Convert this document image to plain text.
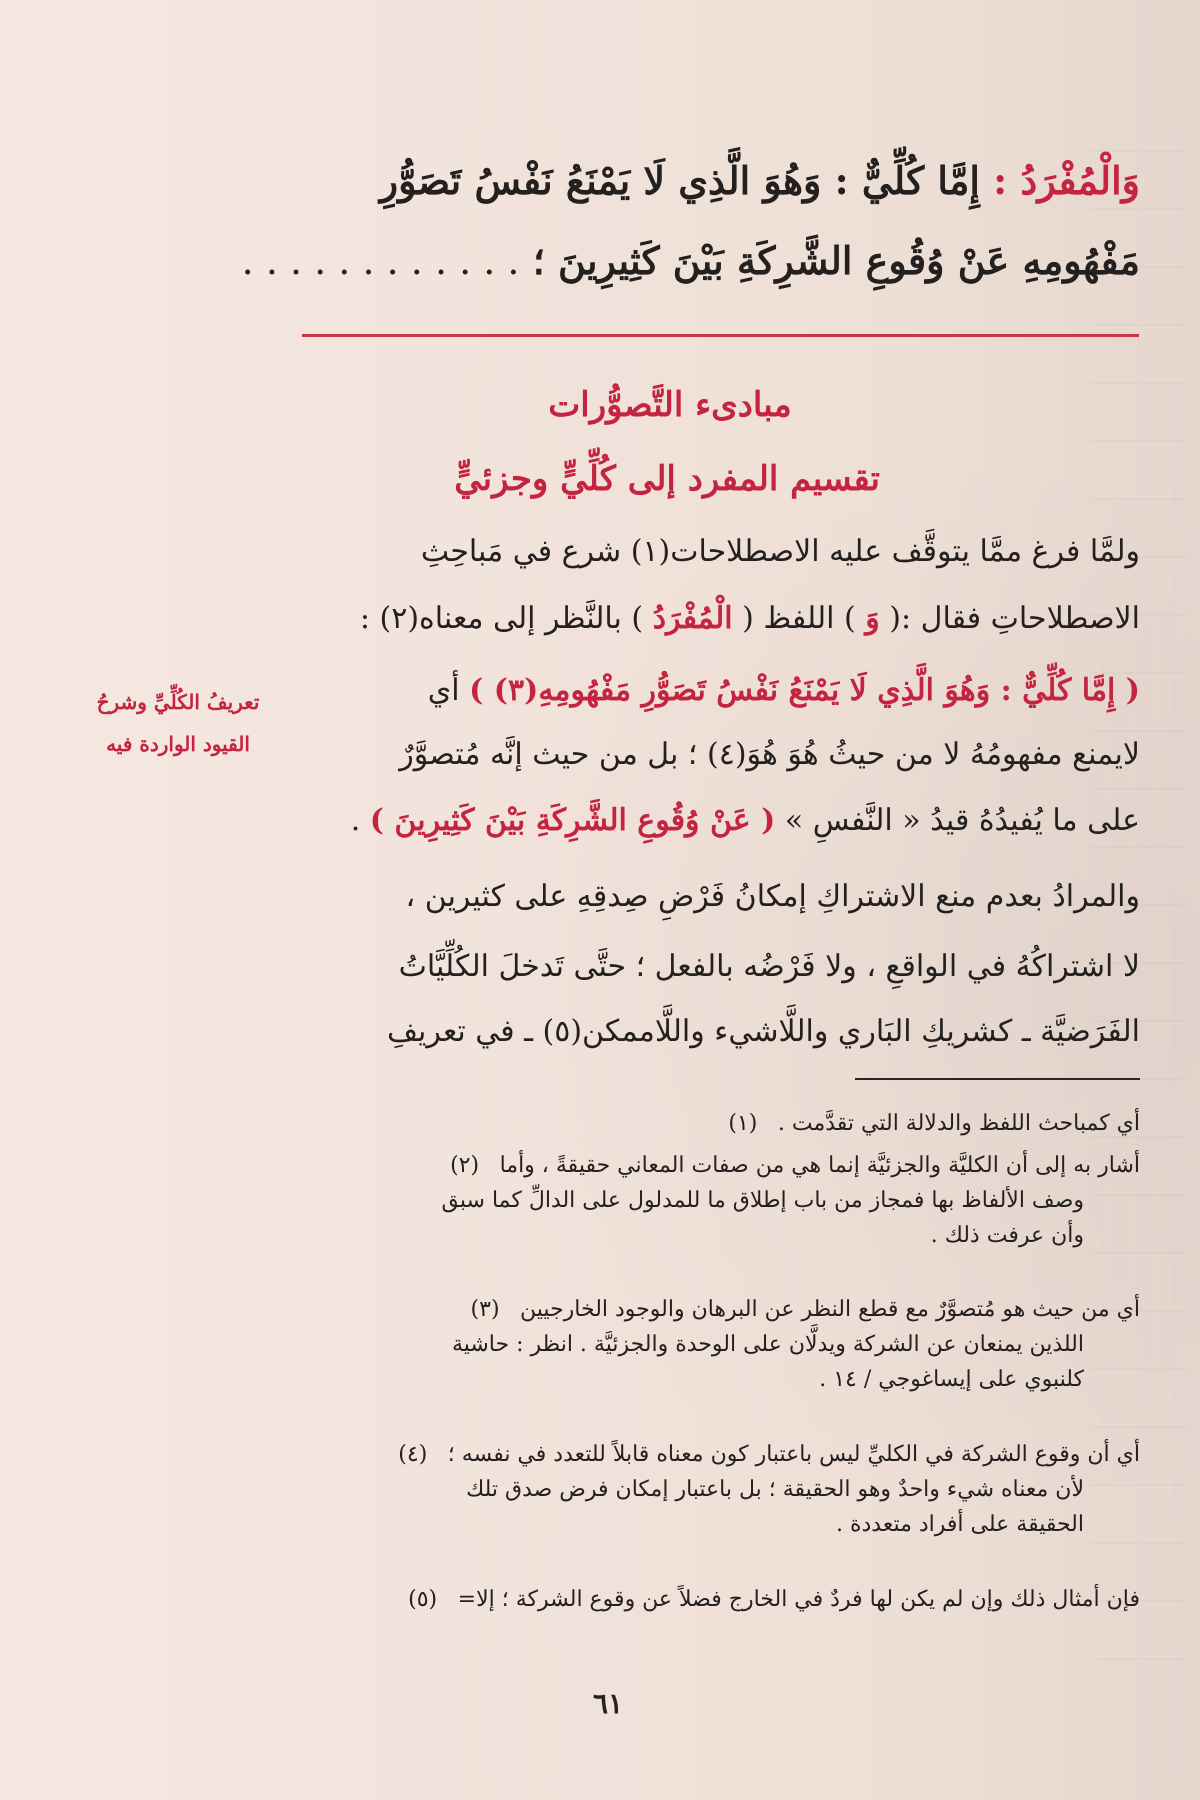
وَالْمُفْرَدُ : إِمَّا كُلِّيٌّ : وَهُوَ الَّذِي لَا يَمْنَعُ نَفْسُ تَصَوُّرِ
مَفْهُومِهِ عَنْ وُقُوعِ الشَّرِكَةِ بَيْنَ كَثِيرِينَ ؛ . . . . . . . . . . . .
مبادىء التَّصوُّرات
تقسيم المفرد إلى كُلِّيٍّ وجزئيٍّ
ولمَّا فرغ ممَّا يتوقَّف عليه الاصطلاحات(١) شرع في مَباحِثِ
الاصطلاحاتِ فقال :( وَ ) اللفظ ( الْمُفْرَدُ ) بالنَّظر إلى معناه(٢) :
( إِمَّا كُلِّيٌّ : وَهُوَ الَّذِي لَا يَمْنَعُ نَفْسُ تَصَوُّرِ مَفْهُومِهِ(٣) ) أي
لايمنع مفهومُهُ لا من حيثُ هُوَ هُوَ(٤) ؛ بل من حيث إنَّه مُتصوَّرٌ
على ما يُفيدُهُ قيدُ « النَّفسِ » ( عَنْ وُقُوعِ الشَّرِكَةِ بَيْنَ كَثِيرِينَ ) .
والمرادُ بعدم منع الاشتراكِ إمكانُ فَرْضِ صِدقِهِ على كثيرين ،
لا اشتراكُهُ في الواقعِ ، ولا فَرْضُه بالفعل ؛ حتَّى تَدخلَ الكُلِّيَّاتُ
الفَرَضيَّة ـ كشريكِ البَاري واللَّاشيء واللَّاممكن(٥) ـ في تعريفِ
تعريفُ الكُلِّيِّ وشرحُ
القيود الواردة فيه
(١) أي كمباحث اللفظ والدلالة التي تقدَّمت .
(٢) أشار به إلى أن الكليَّة والجزئيَّة إنما هي من صفات المعاني حقيقةً ، وأما
وصف الألفاظ بها فمجاز من باب إطلاق ما للمدلول على الدالِّ كما سبق
وأن عرفت ذلك .
(٣) أي من حيث هو مُتصوَّرٌ مع قطع النظر عن البرهان والوجود الخارجيين
اللذين يمنعان عن الشركة ويدلَّان على الوحدة والجزئيَّة . انظر : حاشية
كلنبوي على إيساغوجي / ١٤ .
(٤) أي أن وقوع الشركة في الكليِّ ليس باعتبار كون معناه قابلاً للتعدد في نفسه ؛
لأن معناه شيء واحدٌ وهو الحقيقة ؛ بل باعتبار إمكان فرض صدق تلك
الحقيقة على أفراد متعددة .
(٥) فإن أمثال ذلك وإن لم يكن لها فردٌ في الخارج فضلاً عن وقوع الشركة ؛ إلا=
٦١
